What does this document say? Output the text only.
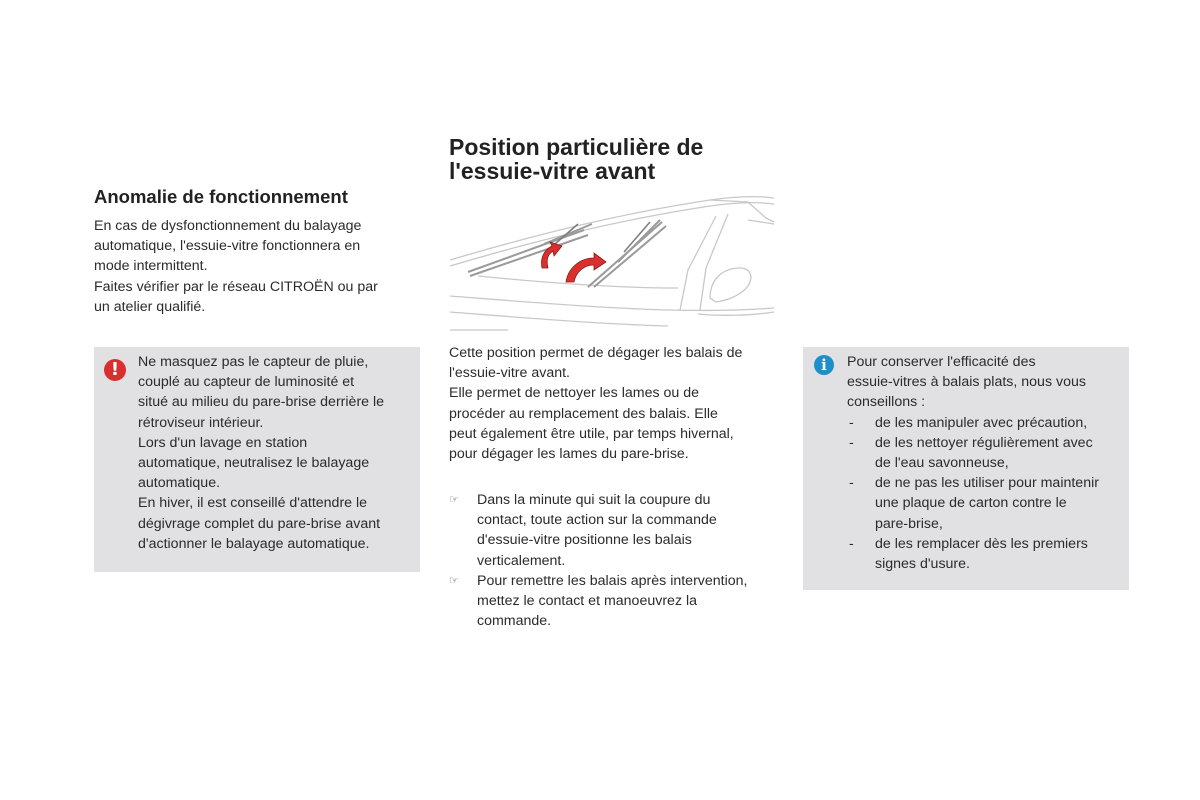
Anomalie de fonctionnement
En cas de dysfonctionnement du balayage
automatique, l'essuie-vitre fonctionnera en
mode intermittent.
Faites vérifier par le réseau CITROËN ou par
un atelier qualifié.
!	Ne masquez pas le capteur de pluie,
couplé au capteur de luminosité et
situé au milieu du pare-brise derrière le
rétroviseur intérieur.
Lors d'un lavage en station
automatique, neutralisez le balayage
automatique.
En hiver, il est conseillé d'attendre le
dégivrage complet du pare-brise avant
d'actionner le balayage automatique.
Position particulière de
l'essuie-vitre avant
Cette position permet de dégager les balais de
l'essuie-vitre avant.
Elle permet de nettoyer les lames ou de
procéder au remplacement des balais. Elle
peut également être utile, par temps hivernal,
pour dégager les lames du pare-brise.
☞ Dans la minute qui suit la coupure du
contact, toute action sur la commande
d'essuie-vitre positionne les balais
verticalement.
☞ Pour remettre les balais après intervention,
mettez le contact et manoeuvrez la
commande.
i	Pour conserver l'efficacité des
essuie-vitres à balais plats, nous vous
conseillons :
- de les manipuler avec précaution,
- de les nettoyer régulièrement avec
de l'eau savonneuse,
- de ne pas les utiliser pour maintenir
une plaque de carton contre le
pare-brise,
- de les remplacer dès les premiers
signes d'usure.
